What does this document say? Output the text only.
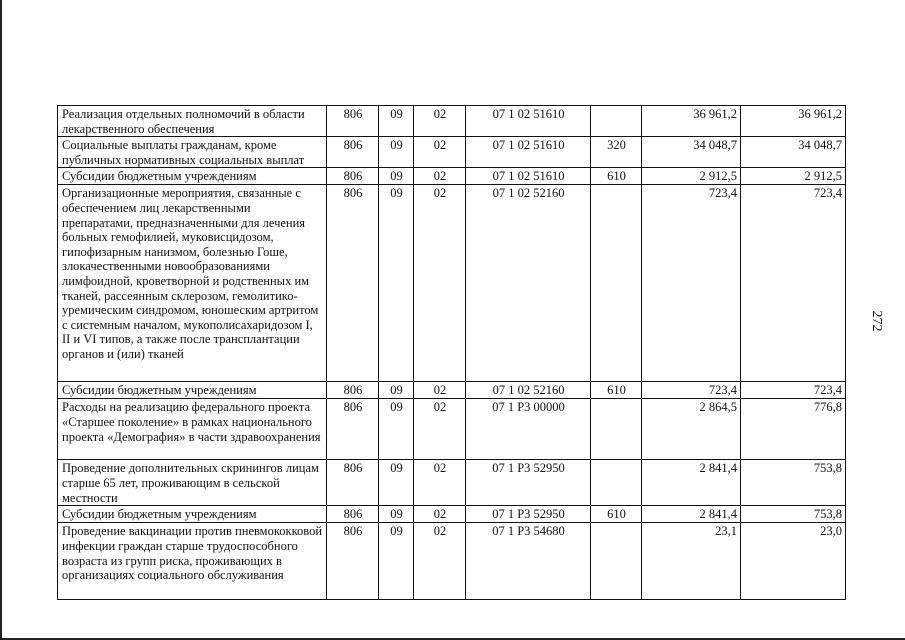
272
Реализация отдельных полномочий в области лекарственного обеспечения	806	09	02	07 1 02 51610		36 961,2	36 961,2
Социальные выплаты гражданам, кроме публичных нормативных социальных выплат	806	09	02	07 1 02 51610	320	34 048,7	34 048,7
Субсидии бюджетным учреждениям	806	09	02	07 1 02 51610	610	2 912,5	2 912,5
Организационные мероприятия, связанные с обеспечением лиц лекарственными препаратами, предназначенными для лечения больных гемофилией, муковисцидозом, гипофизарным нанизмом, болезнью Гоше, злокачественными новообразованиями лимфоидной, кроветворной и родственных им тканей, рассеянным склерозом, гемолитико-уремическим синдромом, юношеским артритом с системным началом, мукополисахаридозом I, II и VI типов, а также после трансплантации органов и (или) тканей	806	09	02	07 1 02 52160		723,4	723,4
Субсидии бюджетным учреждениям	806	09	02	07 1 02 52160	610	723,4	723,4
Расходы на реализацию федерального проекта «Старшее поколение» в рамках национального проекта «Демография» в части здравоохранения	806	09	02	07 1 P3 00000		2 864,5	776,8
Проведение дополнительных скринингов лицам старше 65 лет, проживающим в сельской местности	806	09	02	07 1 P3 52950		2 841,4	753,8
Субсидии бюджетным учреждениям	806	09	02	07 1 P3 52950	610	2 841,4	753,8
Проведение вакцинации против пневмококковой инфекции граждан старше трудоспособного возраста из групп риска, проживающих в организациях социального обслуживания	806	09	02	07 1 P3 54680		23,1	23,0
